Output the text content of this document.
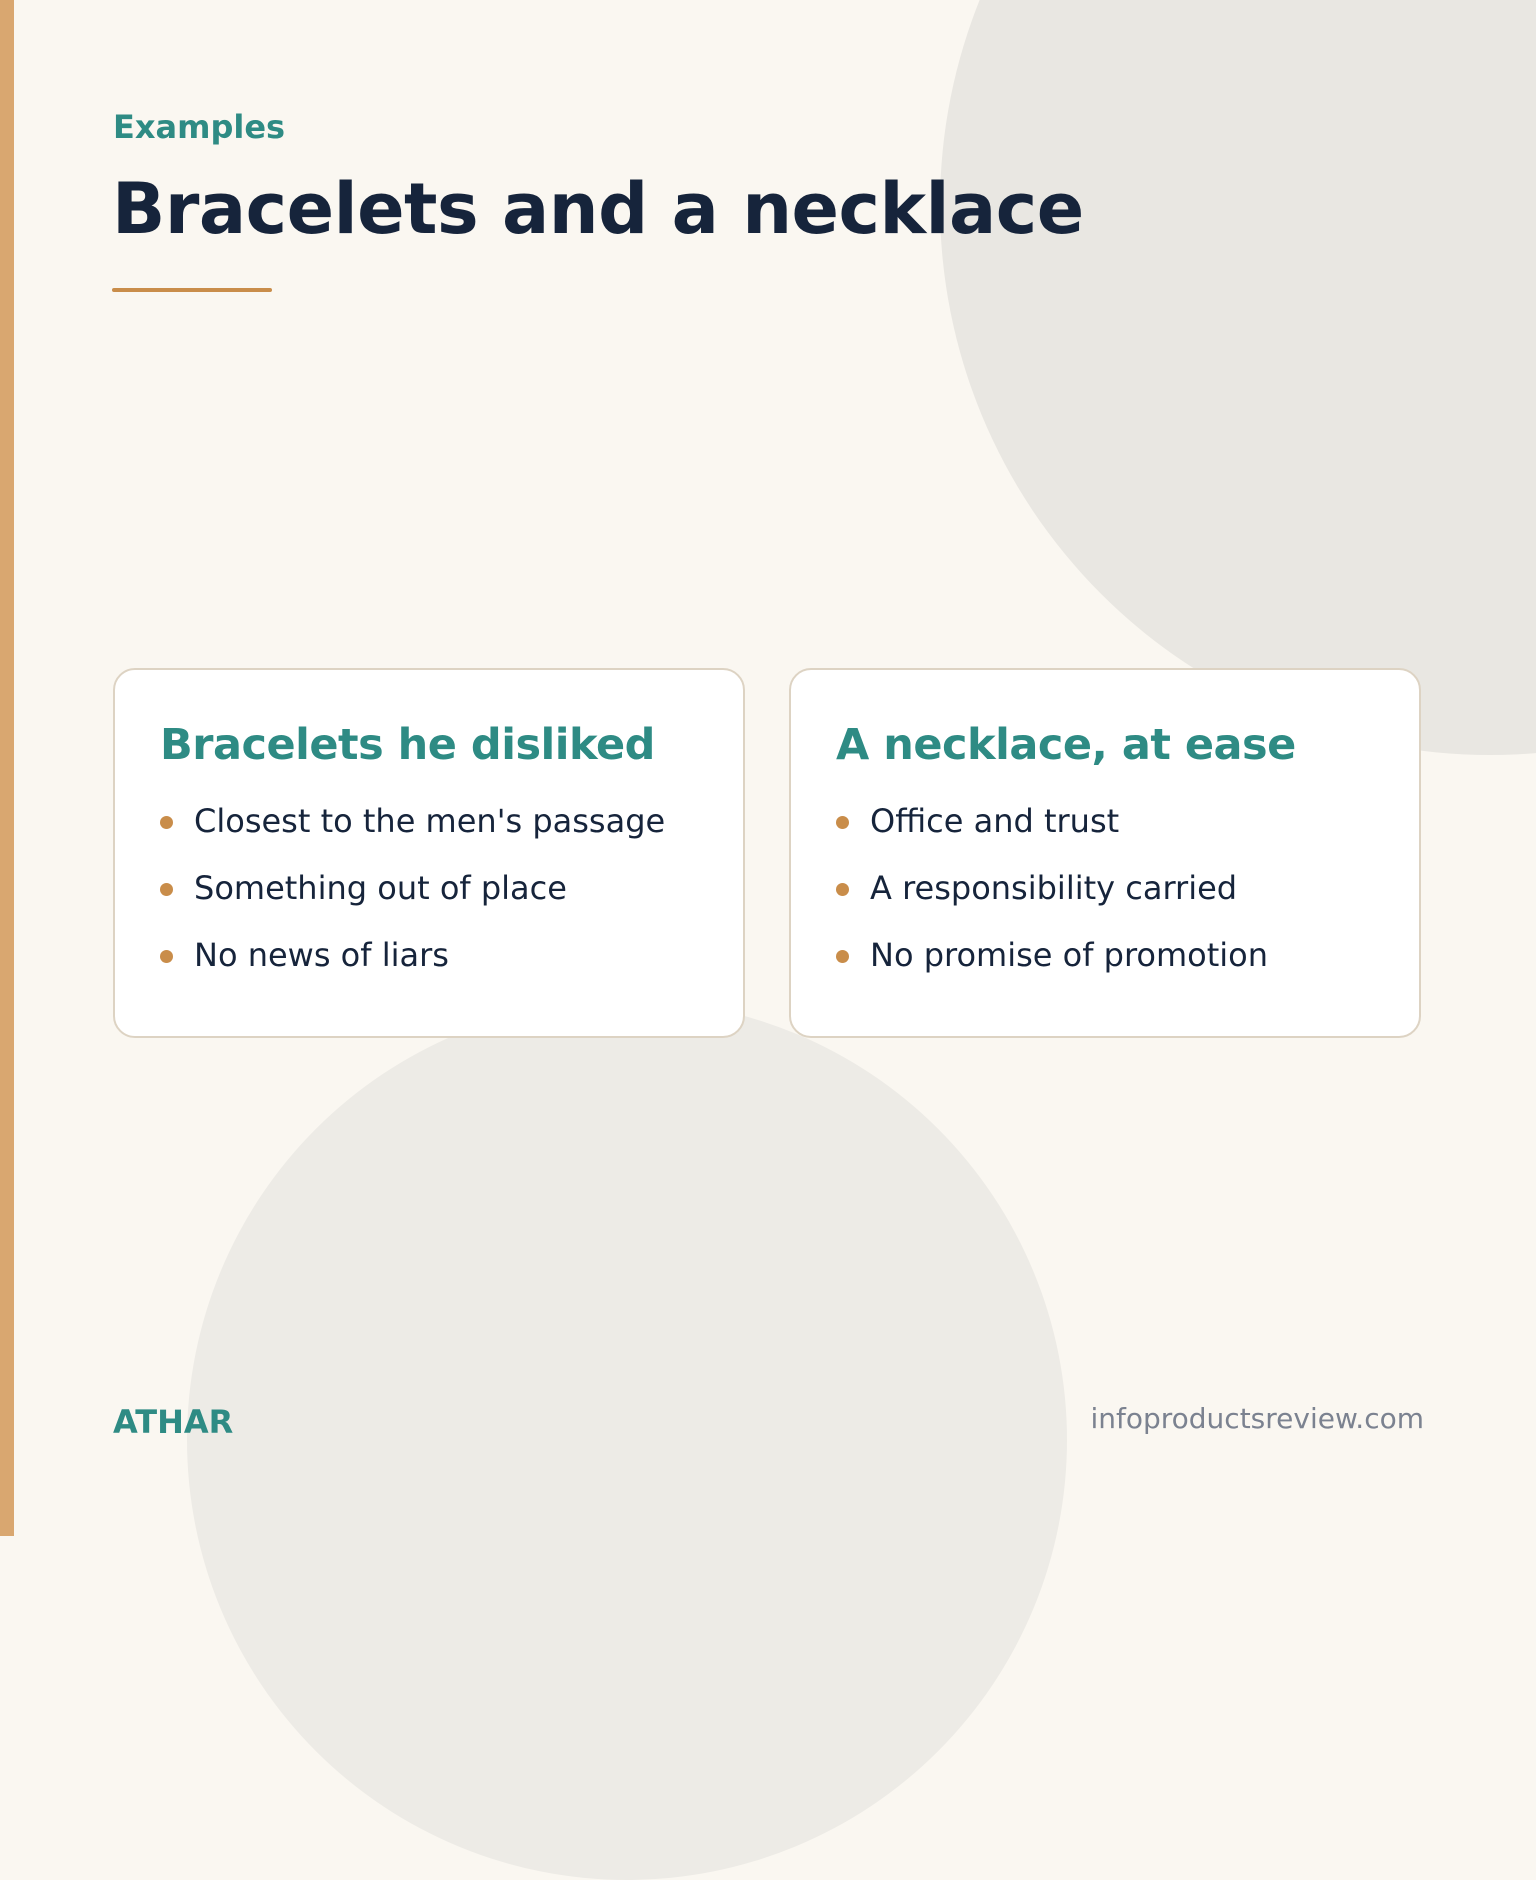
Examples

Bracelets and a necklace
Bracelets he disliked
Closest to the men's passage
Something out of place
No news of liars
A necklace, at ease
Office and trust
A responsibility carried
No promise of promotion

ATHAR	infoproductsreview.com
